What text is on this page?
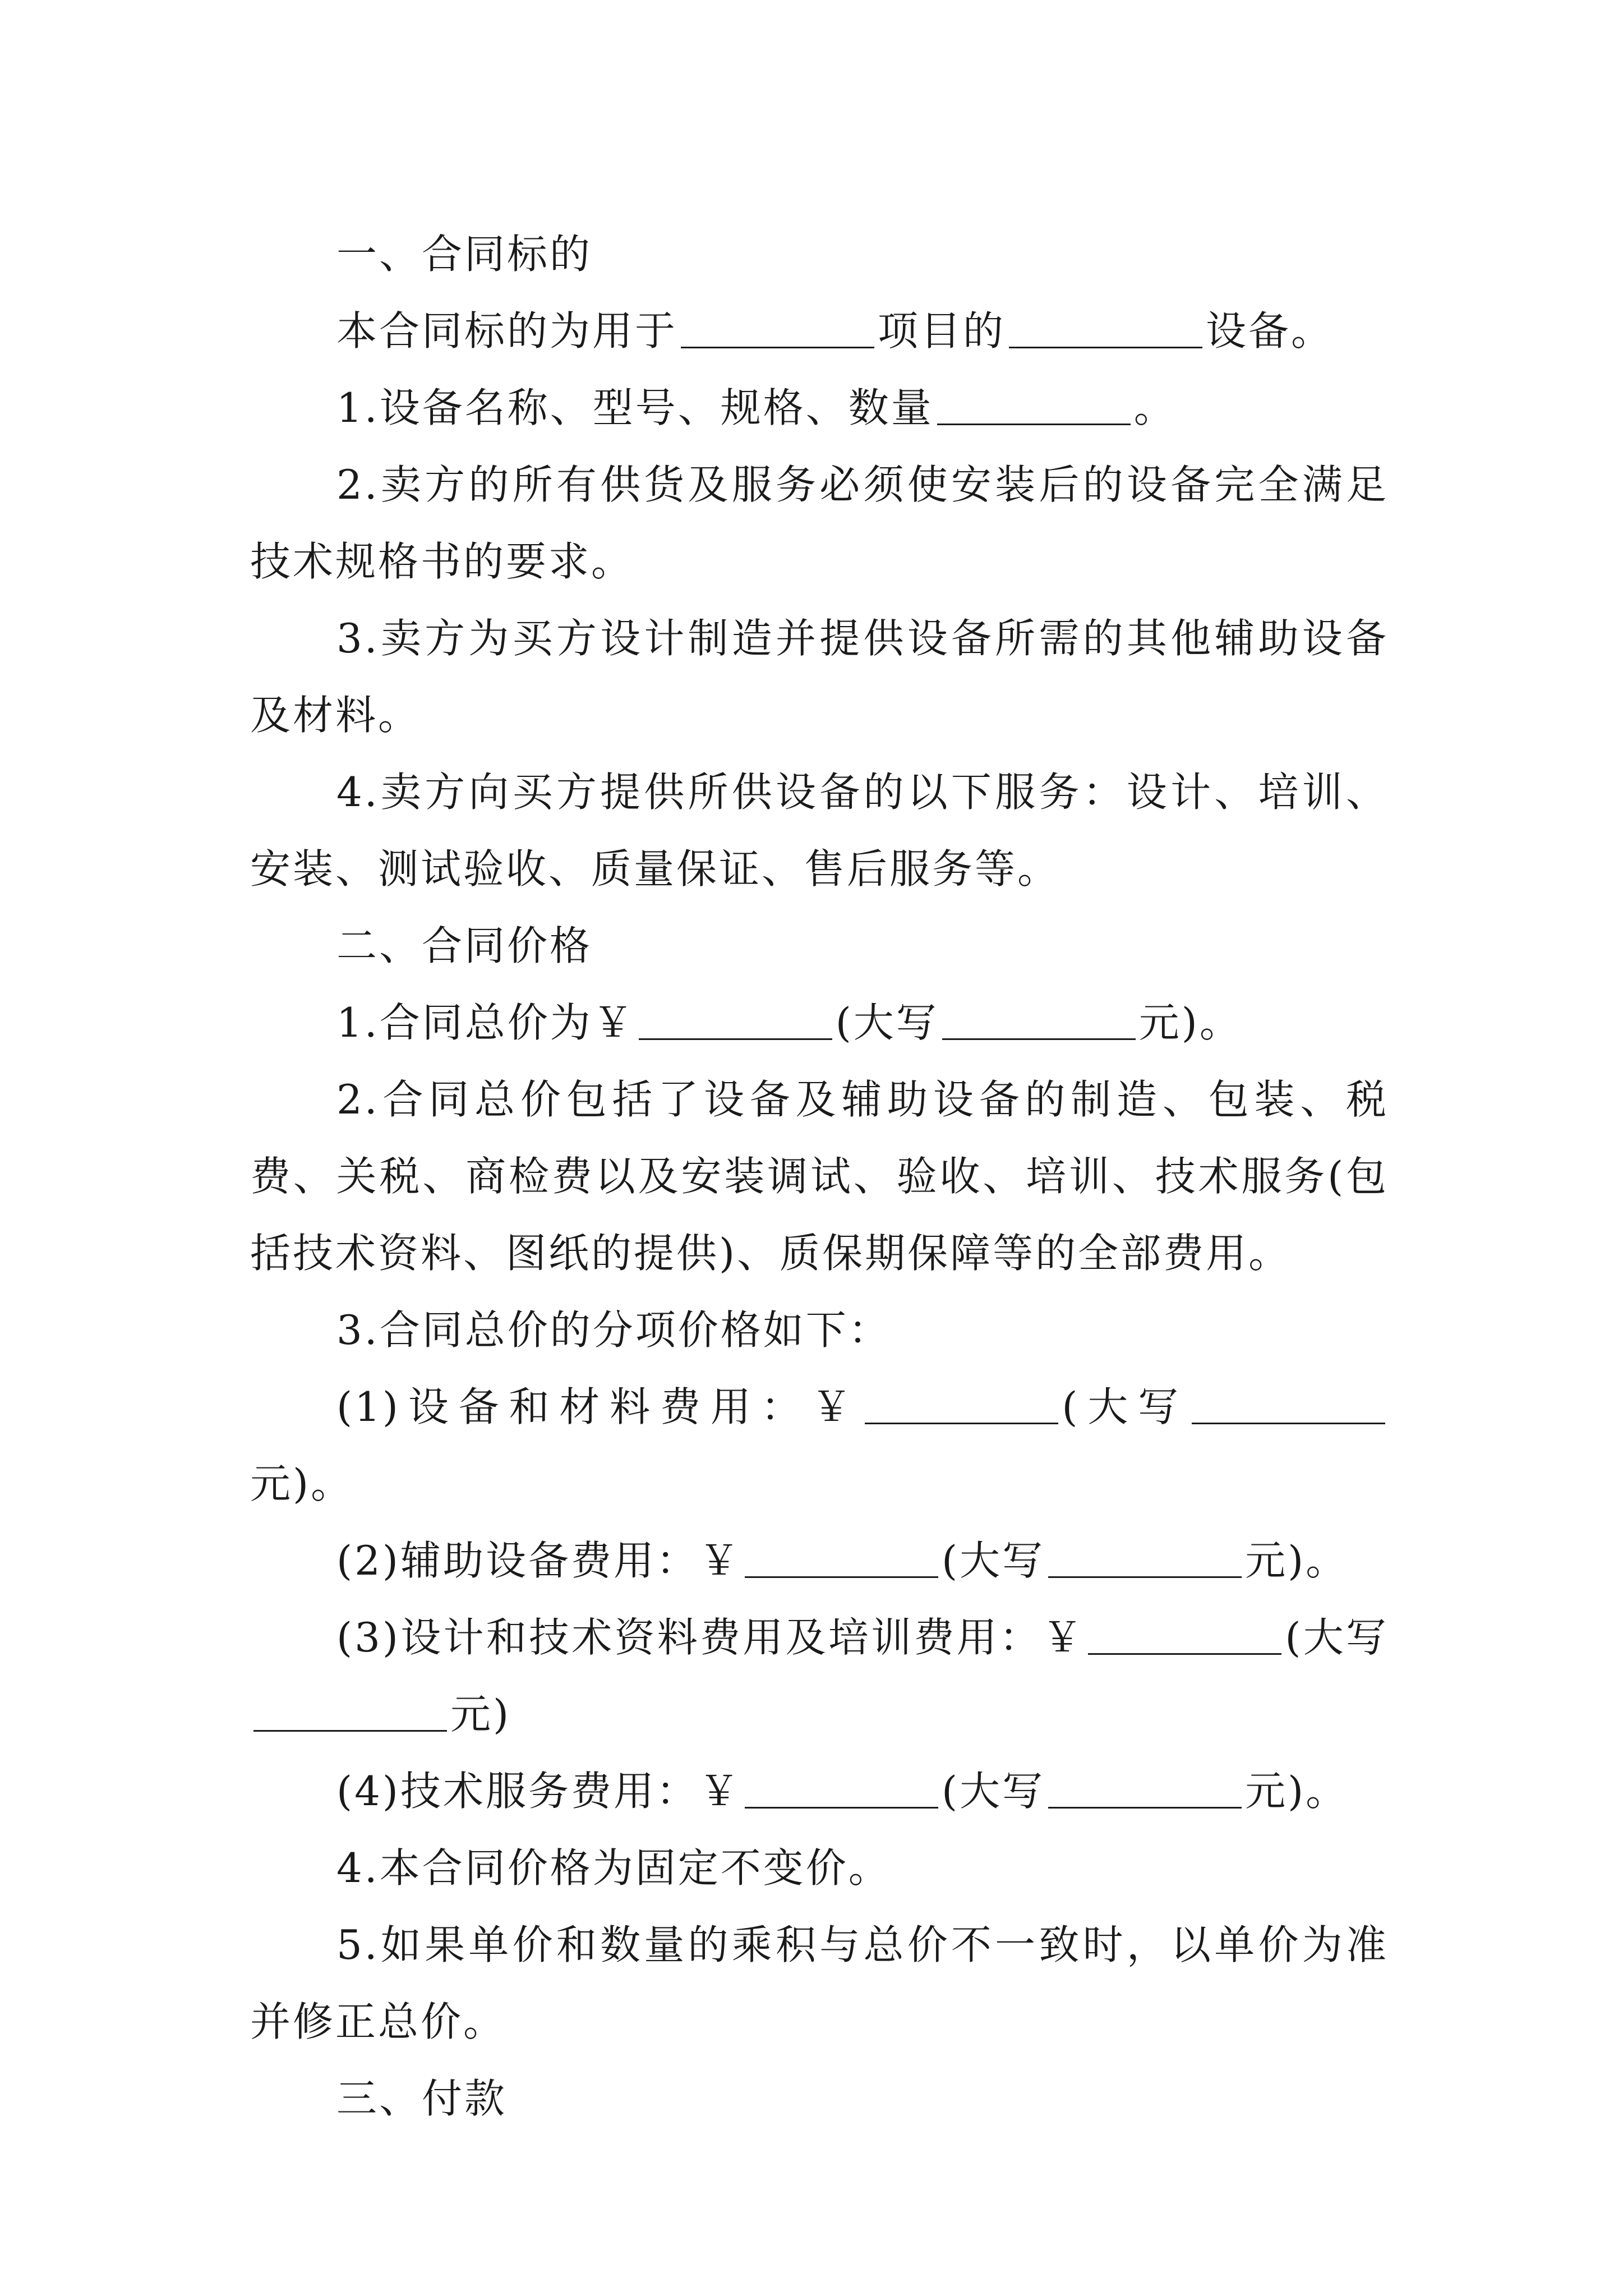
一、合同标的

本合同标的为用于	项目的	设备。

1.设备名称、型号、规格、数量	。

2.卖方的所有供货及服务必须使安装后的设备完全满足技术规格书的要求。

3.卖方为买方设计制造并提供设备所需的其他辅助设备及材料。

4.卖方向买方提供所供设备的以下服务：设计、培训、安装、测试验收、质量保证、售后服务等。

二、合同价格

1.合同总价为￥	(大写	元)。

2.合同总价包括了设备及辅助设备的制造、包装、税费、关税、商检费以及安装调试、验收、培训、技术服务(包括技术资料、图纸的提供)、质保期保障等的全部费用。

3.合同总价的分项价格如下：

(1)设备和材料费用：￥	(大写元)。

(2)辅助设备费用：￥	(大写	元)。

(3)设计和技术资料费用及培训费用：￥	(大写元)

(4)技术服务费用：￥	(大写	元)。

4.本合同价格为固定不变价。

5.如果单价和数量的乘积与总价不一致时，以单价为准并修正总价。

三、付款
